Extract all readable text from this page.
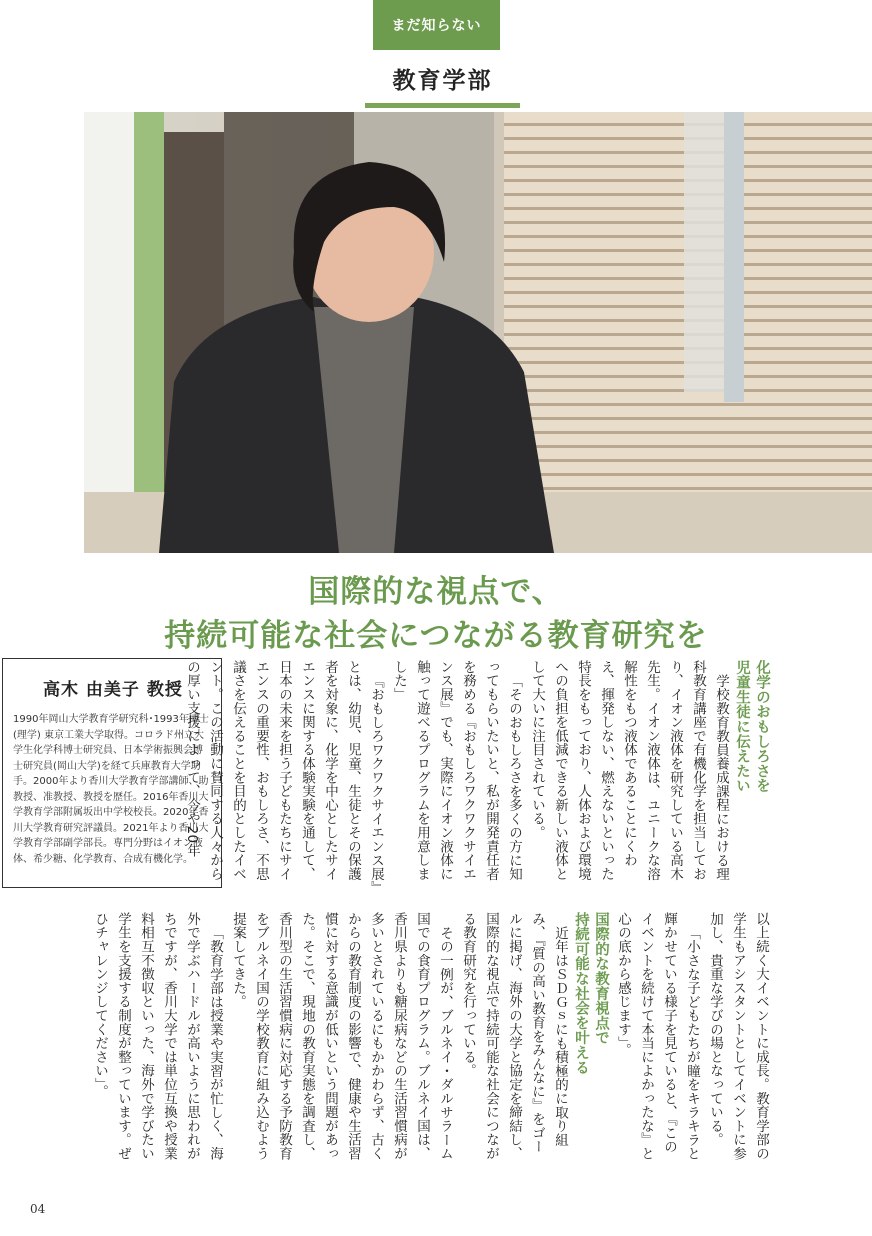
まだ知らない
教育学部
国際的な視点で、
持続可能な社会につながる教育研究を
高木 由美子 教授

1990年岡山大学教育学研究科･1993年博士(理学) 東京工業大学取得。コロラド州立大学生化学科博士研究員、日本学術振興会博士研究員(岡山大学)を経て兵庫教育大学助手。2000年より香川大学教育学部講師、助教授、准教授、教授を歴任。2016年香川大学教育学部附属坂出中学校校長。2020年香川大学教育研究評議員。2021年より香川大学教育学部副学部長。専門分野はイオン液体、希少糖、化学教育、合成有機化学。

化学のおもしろさを
児童生徒に伝えたい

学校教育教員養成課程における理科教育講座で有機化学を担当しており、イオン液体を研究している高木先生。イオン液体は、ユニークな溶解性をもつ液体であることにくわえ、揮発しない、燃えないといった特長をもっており、人体および環境への負担を低減できる新しい液体として大いに注目されている。

「そのおもしろさを多くの方に知ってもらいたいと、私が開発責任者を務める『おもしろワクワクサイエンス展』でも、実際にイオン液体に触って遊べるプログラムを用意しました」

『おもしろワクワクサイエンス展』とは、幼児、児童、生徒とその保護者を対象に、化学を中心としたサイエンスに関する体験実験を通して、日本の未来を担う子どもたちにサイエンスの重要性、おもしろさ、不思議さを伝えることを目的としたイベント。この活動に賛同する人々からの厚い支援によって、今や20年

以上続く大イベントに成長。教育学部の学生もアシスタントとしてイベントに参加し、貴重な学びの場となっている。

「小さな子どもたちが瞳をキラキラと輝かせている様子を見ていると、『このイベントを続けて本当によかったな』と心の底から感じます」。

国際的な教育視点で
持続可能な社会を叶える

近年はＳＤＧｓにも積極的に取り組み、『質の高い教育をみんなに』をゴールに掲げ、海外の大学と協定を締結し、国際的な視点で持続可能な社会につながる教育研究を行っている。

その一例が、ブルネイ・ダルサラーム国での食育プログラム。ブルネイ国は、香川県よりも糖尿病などの生活習慣病が多いとされているにもかかわらず、古くからの教育制度の影響で、健康や生活習慣に対する意識が低いという問題があった。そこで、現地の教育実態を調査し、香川型の生活習慣病に対応する予防教育をブルネイ国の学校教育に組み込むよう提案してきた。

「教育学部は授業や実習が忙しく、海外で学ぶハードルが高いように思われがちですが、香川大学では単位互換や授業料相互不徴収といった、海外で学びたい学生を支援する制度が整っています。ぜひチャレンジしてください」。

04
